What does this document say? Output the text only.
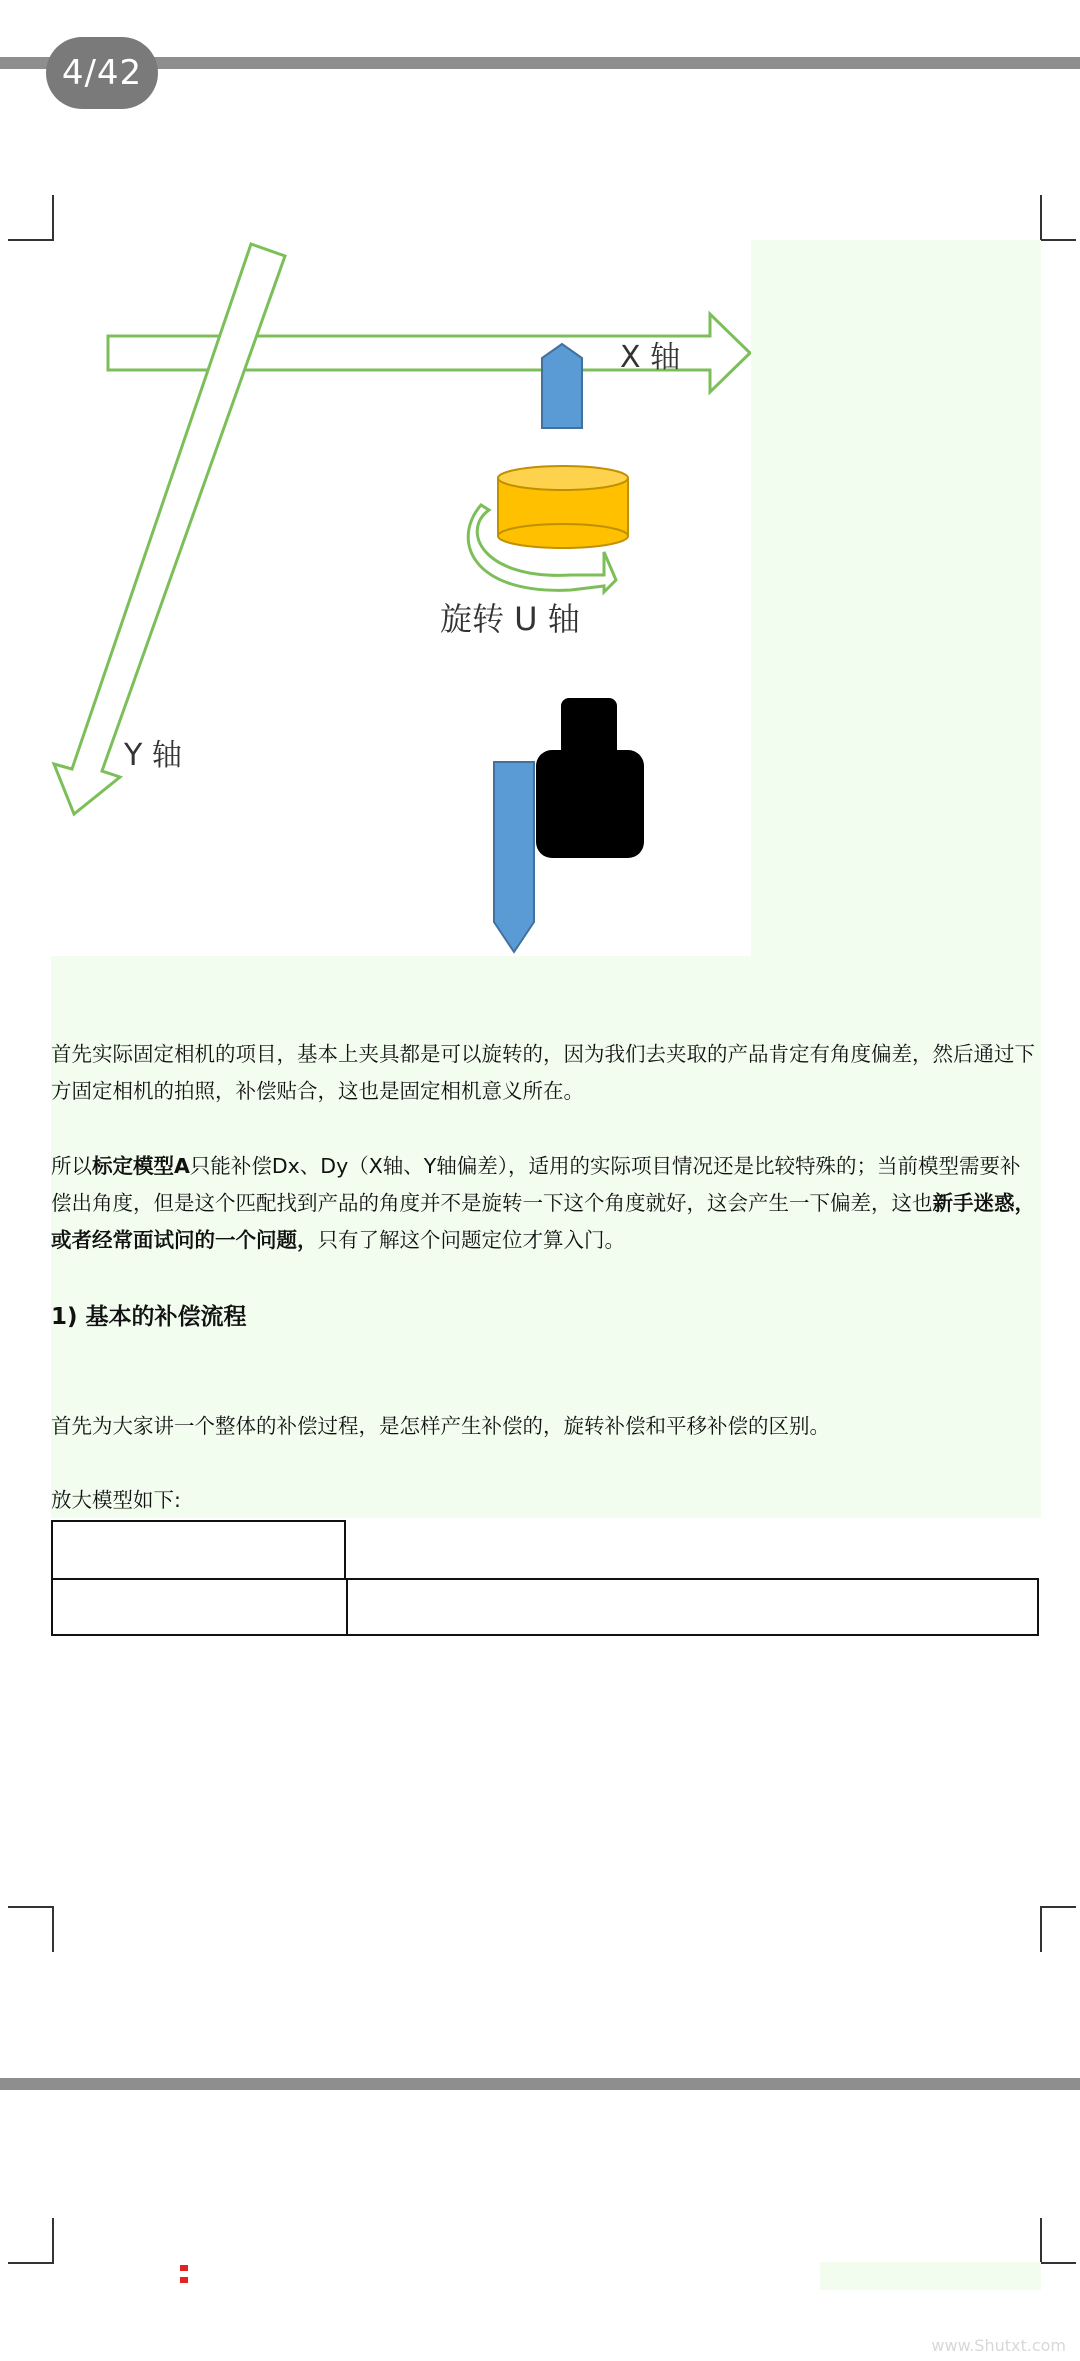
4/42
X 轴
旋转 U 轴
Y 轴
首先实际固定相机的项目，基本上夹具都是可以旋转的，因为我们去夹取的产品肯定有角度偏差，然后通过下方固定相机的拍照，补偿贴合，这也是固定相机意义所在。
所以标定模型A只能补偿Dx、Dy（X轴、Y轴偏差），适用的实际项目情况还是比较特殊的；当前模型需要补偿出角度，但是这个匹配找到产品的角度并不是旋转一下这个角度就好，这会产生一下偏差，这也新手迷惑，或者经常面试问的一个问题，只有了解这个问题定位才算入门。
1) 基本的补偿流程
首先为大家讲一个整体的补偿过程，是怎样产生补偿的，旋转补偿和平移补偿的区别。
放大模型如下:
www.Shutxt.com
